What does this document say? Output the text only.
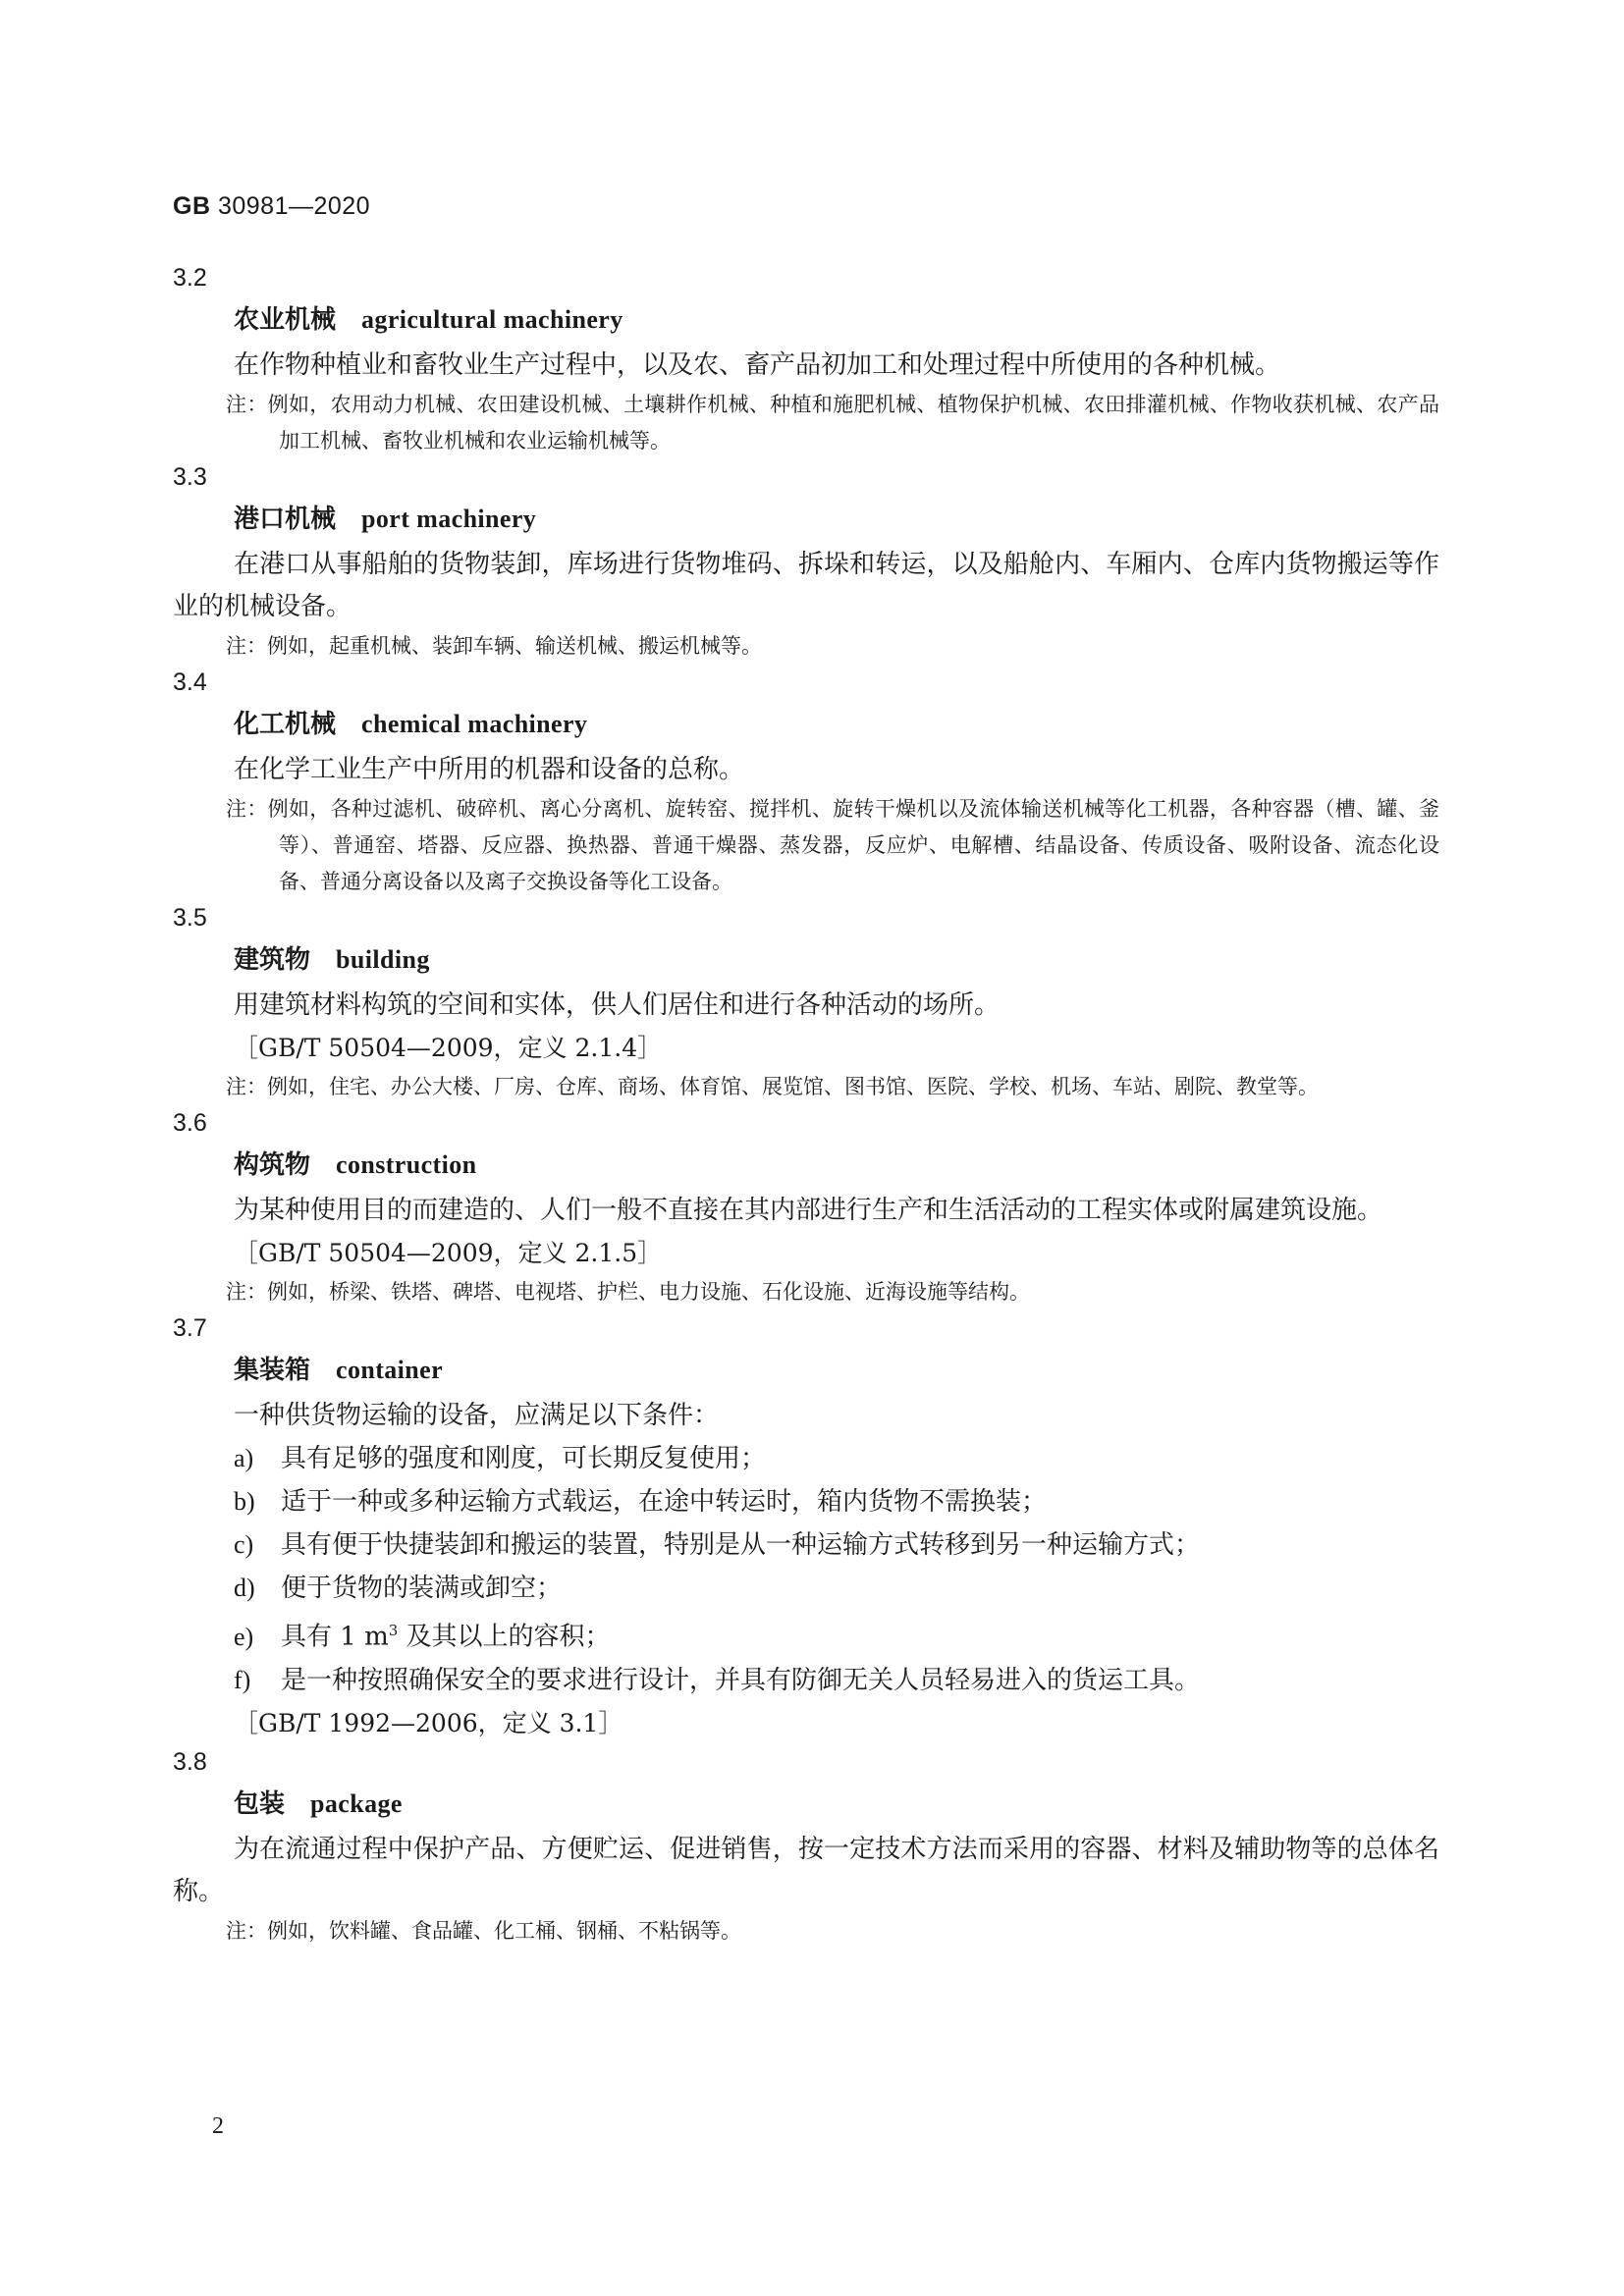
GB 30981—2020
3.2
农业机械 agricultural machinery

在作物种植业和畜牧业生产过程中，以及农、畜产品初加工和处理过程中所使用的各种机械。

注：例如，农用动力机械、农田建设机械、土壤耕作机械、种植和施肥机械、植物保护机械、农田排灌机械、作物收获机械、农产品加工机械、畜牧业机械和农业运输机械等。

3.3
港口机械 port machinery

在港口从事船舶的货物装卸，库场进行货物堆码、拆垛和转运，以及船舱内、车厢内、仓库内货物搬运等作业的机械设备。

注：例如，起重机械、装卸车辆、输送机械、搬运机械等。

3.4
化工机械 chemical machinery

在化学工业生产中所用的机器和设备的总称。

注：例如，各种过滤机、破碎机、离心分离机、旋转窑、搅拌机、旋转干燥机以及流体输送机械等化工机器，各种容器（槽、罐、釜等）、普通窑、塔器、反应器、换热器、普通干燥器、蒸发器，反应炉、电解槽、结晶设备、传质设备、吸附设备、流态化设备、普通分离设备以及离子交换设备等化工设备。

3.5
建筑物 building

用建筑材料构筑的空间和实体，供人们居住和进行各种活动的场所。

［GB/T 50504—2009，定义 2.1.4］

注：例如，住宅、办公大楼、厂房、仓库、商场、体育馆、展览馆、图书馆、医院、学校、机场、车站、剧院、教堂等。

3.6
构筑物 construction

为某种使用目的而建造的、人们一般不直接在其内部进行生产和生活活动的工程实体或附属建筑设施。

［GB/T 50504—2009，定义 2.1.5］

注：例如，桥梁、铁塔、碑塔、电视塔、护栏、电力设施、石化设施、近海设施等结构。

3.7
集装箱 container

一种供货物运输的设备，应满足以下条件：

a) 具有足够的强度和刚度，可长期反复使用；

b) 适于一种或多种运输方式载运，在途中转运时，箱内货物不需换装；

c) 具有便于快捷装卸和搬运的装置，特别是从一种运输方式转移到另一种运输方式；

d) 便于货物的装满或卸空；

e) 具有 1 $m^3$ 及其以上的容积；

f) 是一种按照确保安全的要求进行设计，并具有防御无关人员轻易进入的货运工具。

［GB/T 1992—2006，定义 3.1］

3.8
包装 package

为在流通过程中保护产品、方便贮运、促进销售，按一定技术方法而采用的容器、材料及辅助物等的总体名称。

注：例如，饮料罐、食品罐、化工桶、钢桶、不粘锅等。

2
